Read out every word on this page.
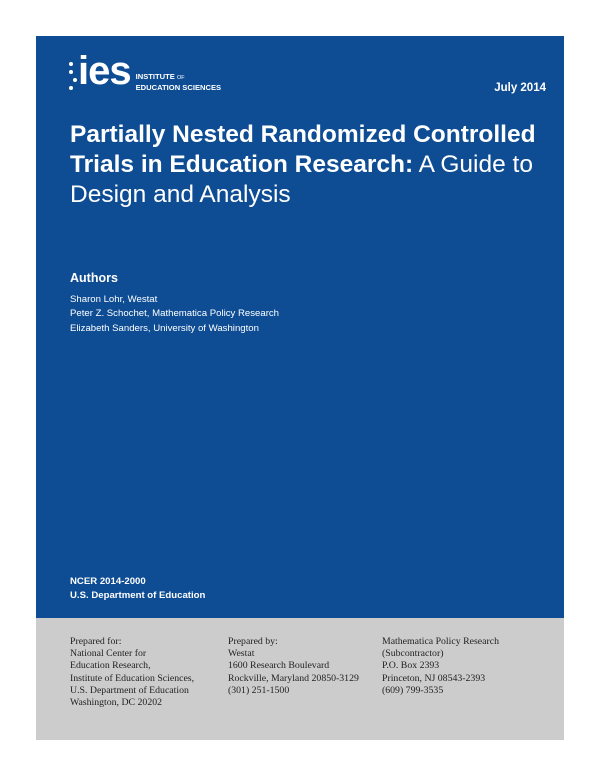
ies INSTITUTE OF
EDUCATION SCIENCES	July 2014
Partially Nested Randomized Controlled Trials in Education Research: A Guide to Design and Analysis
Authors
Sharon Lohr, Westat
Peter Z. Schochet, Mathematica Policy Research
Elizabeth Sanders, University of Washington
NCER 2014-2000
U.S. Department of Education
Prepared for:
National Center for
Education Research,
Institute of Education Sciences,
U.S. Department of Education
Washington, DC 20202
Prepared by:
Westat
1600 Research Boulevard
Rockville, Maryland 20850-3129
(301) 251-1500
Mathematica Policy Research
(Subcontractor)
P.O. Box 2393
Princeton, NJ 08543-2393
(609) 799-3535
